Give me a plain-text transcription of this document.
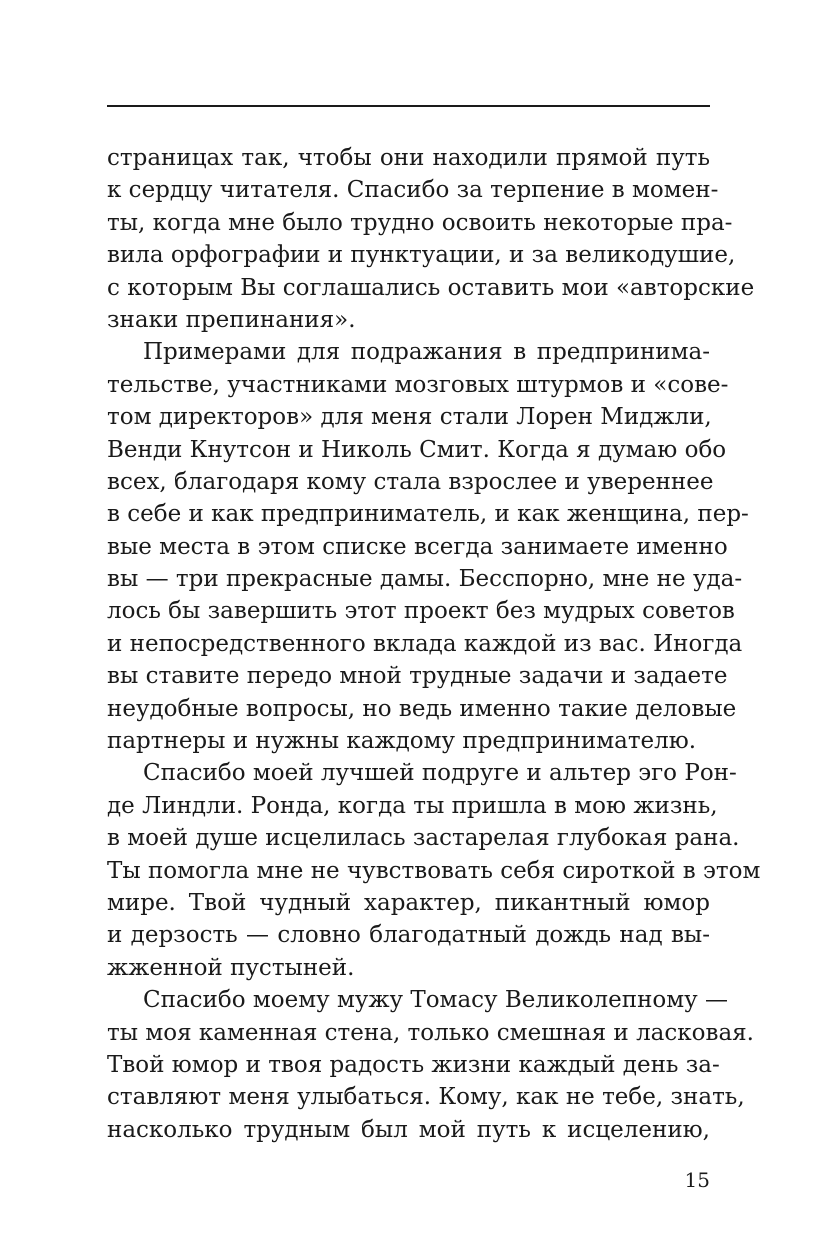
страницах так, чтобы они находили прямой путь
к сердцу читателя. Спасибо за терпение в момен-
ты, когда мне было трудно освоить некоторые пра-
вила орфографии и пунктуации, и за великодушие,
с которым Вы соглашались оставить мои «авторские
знаки препинания».
Примерами для подражания в предпринима-
тельстве, участниками мозговых штурмов и «сове-
том директоров» для меня стали Лорен Миджли,
Венди Кнутсон и Николь Смит. Когда я думаю обо
всех, благодаря кому стала взрослее и увереннее
в себе и как предприниматель, и как женщина, пер-
вые места в этом списке всегда занимаете именно
вы — три прекрасные дамы. Бесспорно, мне не уда-
лось бы завершить этот проект без мудрых советов
и непосредственного вклада каждой из вас. Иногда
вы ставите передо мной трудные задачи и задаете
неудобные вопросы, но ведь именно такие деловые
партнеры и нужны каждому предпринимателю.
Спасибо моей лучшей подруге и альтер эго Рон-
де Линдли. Ронда, когда ты пришла в мою жизнь,
в моей душе исцелилась застарелая глубокая рана.
Ты помогла мне не чувствовать себя сироткой в этом
мире. Твой чудный характер, пикантный юмор
и дерзость — словно благодатный дождь над вы-
жженной пустыней.
Спасибо моему мужу Томасу Великолепному —
ты моя каменная стена, только смешная и ласковая.
Твой юмор и твоя радость жизни каждый день за-
ставляют меня улыбаться. Кому, как не тебе, знать,
насколько трудным был мой путь к исцелению,
15
